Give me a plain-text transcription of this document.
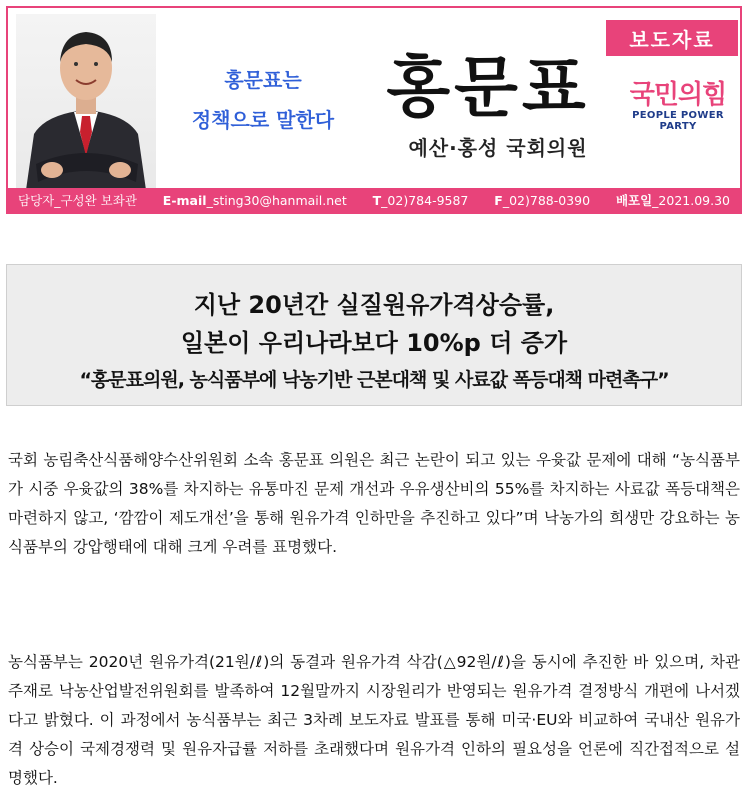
홍문표는
정책으로 말한다 홍문표
예산·홍성 국회의원
보도자료
국민의힘
PEOPLE POWER PARTY
담당자_구성완 보좌관 E-mail_sting30@hanmail.net T_02)784-9587 F_02)788-0390 배포일_2021.09.30
지난 20년간 실질원유가격상승률,
일본이 우리나라보다 10%p 더 증가
“홍문표의원, 농식품부에 낙농기반 근본대책 및 사료값 폭등대책 마련촉구”
국회 농림축산식품해양수산위원회 소속 홍문표 의원은 최근 논란이 되고 있는 우윳값 문제에 대해 “농식품부가 시중 우윳값의 38%를 차지하는 유통마진 문제 개선과 우유생산비의 55%를 차지하는 사료값 폭등대책은 마련하지 않고, ‘깜깜이 제도개선’을 통해 원유가격 인하만을 추진하고 있다”며 낙농가의 희생만 강요하는 농식품부의 강압행태에 대해 크게 우려를 표명했다.
농식품부는 2020년 원유가격(21원/ℓ)의 동결과 원유가격 삭감(△92원/ℓ)을 동시에 추진한 바 있으며, 차관 주재로 낙농산업발전위원회를 발족하여 12월말까지 시장원리가 반영되는 원유가격 결정방식 개편에 나서겠다고 밝혔다. 이 과정에서 농식품부는 최근 3차례 보도자료 발표를 통해 미국·EU와 비교하여 국내산 원유가격 상승이 국제경쟁력 및 원유자급률 저하를 초래했다며 원유가격 인하의 필요성을 언론에 직간접적으로 설명했다.
